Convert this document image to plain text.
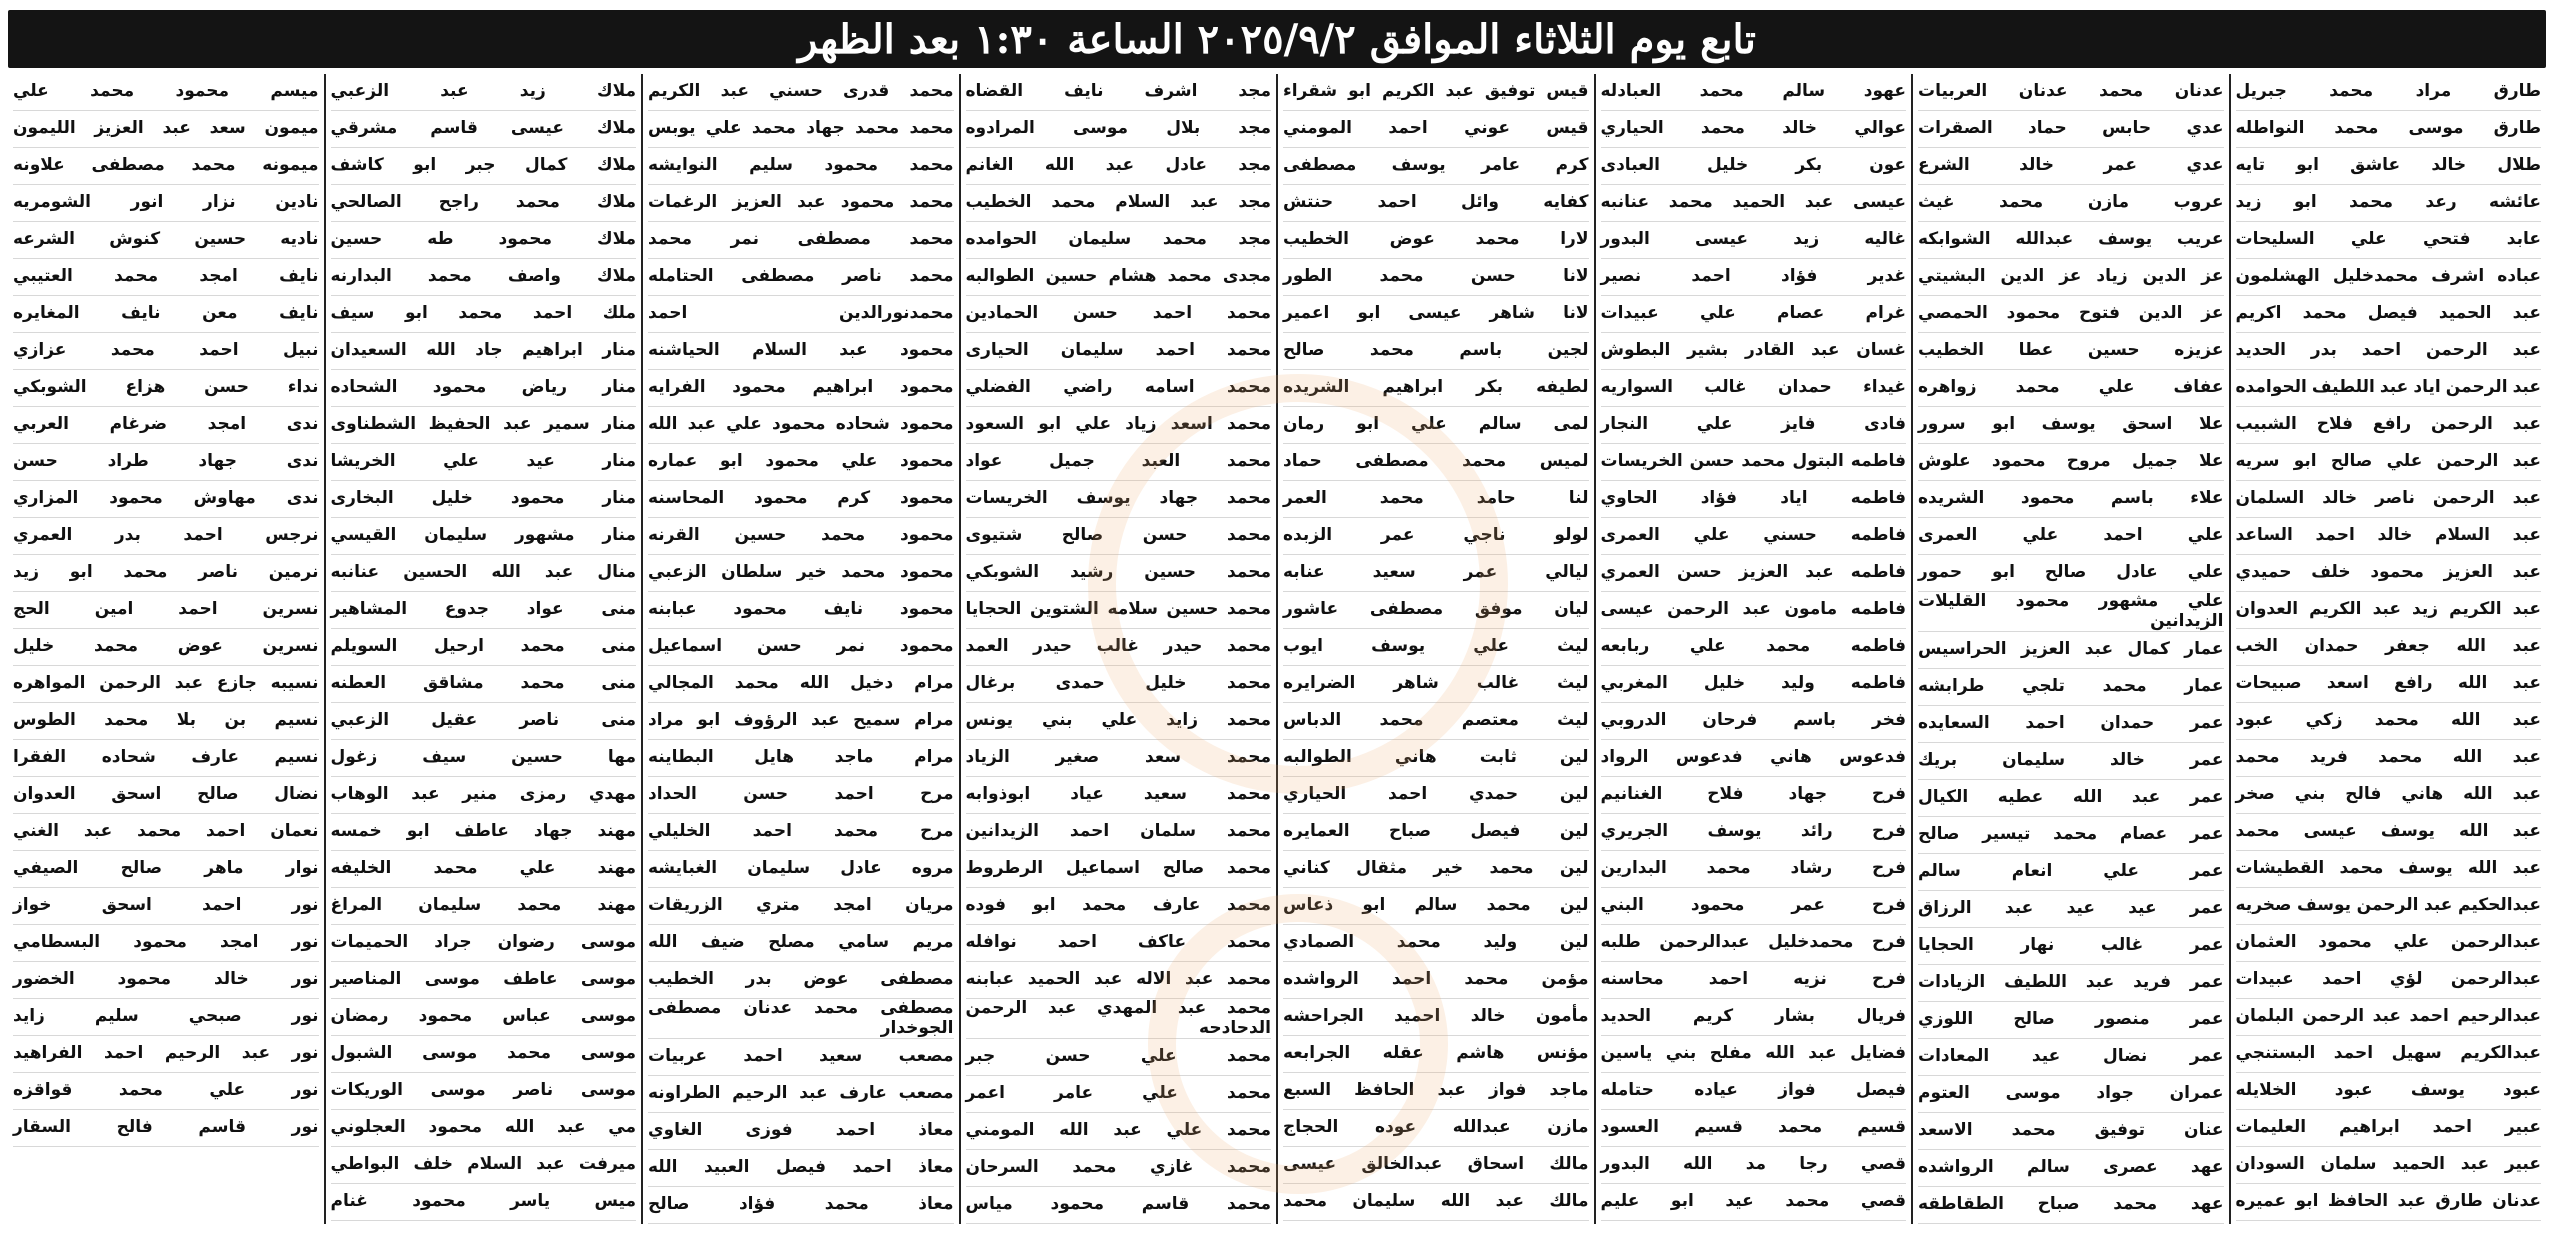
تابع يوم الثلاثاء الموافق ٢٠٢٥/٩/٢ الساعة ١:٣٠ بعد الظهر
طارق مراد محمد جبريل
طارق موسى محمد النواطله
طلال خالد عاشق ابو تايه
عائشه رعد محمد ابو زيد
عابد فتحي علي السليحات
عباده اشرف محمدخليل الهشلمون
عبد الحميد فيصل محمد اكريم
عبد الرحمن احمد بدر الحديد
عبد الرحمن اياد عبد اللطيف الحوامده
عبد الرحمن رافع فلاح الشبيب
عبد الرحمن علي صالح ابو سريه
عبد الرحمن ناصر خالد السلمان
عبد السلام خالد احمد الساعد
عبد العزيز محمود خلف حميدي
عبد الكريم زيد عبد الكريم العدوان
عبد الله جعفر حمدان الخب
عبد الله رافع اسعد صبيحات
عبد الله محمد زكي عبود
عبد الله محمد فريد محمد
عبد الله هاني فالح بني صخر
عبد الله يوسف عيسى محمد
عبد الله يوسف محمد القطيشات
عبدالحكيم عبد الرحمن يوسف صخريه
عبدالرحمن علي محمود العثمان
عبدالرحمن لؤي احمد عبيدات
عبدالرحيم احمد عبد الرحمن البلمان
عبدالكريم سهيل احمد البستنجي
عبود يوسف عبود الخلايله
عبير احمد ابراهيم العليمات
عبير عبد الحميد سلمان السودان
عدنان طارق عبد الحافظ ابو عميره
عدنان محمد عدنان العربيات
عدي حابس حماد الصقرات
عدي عمر خالد الشرع
عروب مازن محمد غيث
عريب يوسف عبدالله الشوابكه
عز الدين زياد عز الدين البشيتي
عز الدين فتوح محمود الحمصي
عزيزه حسين عطا الخطيب
عفاف علي محمد زواهره
علا اسحق يوسف ابو سرور
علا جميل مروح محمود علوش
علاء باسم محمود الشريده
علي احمد علي العمرى
علي عادل صالح ابو حمور
علي مشهور محمود القليلات الزيدانين
عمار كمال عبد العزيز الحراسيس
عمار محمد تلجي طرابشه
عمر حمدان احمد السعايده
عمر خالد سليمان بريك
عمر عبد الله عطيه الكيال
عمر عصام محمد تيسير صالح
عمر علي انعام سالم
عمر عيد عيد عبد الرزاق
عمر غالب نهار الحجايا
عمر فريد عبد اللطيف الزيادات
عمر منصور صالح اللوزي
عمر نضال عيد المعادات
عمران جواد موسى العتوم
عنان توفيق محمد الاسعد
عهد عصرى سالم الرواشده
عهد محمد صباح الطقاطقه
عهود سالم محمد العبادله
عوالي خالد محمد الحياري
عون بكر خليل العبادى
عيسى عبد الحميد محمد عنانبه
غاليه زيد عيسى البدور
غدير فؤاد احمد نصير
غرام عصام علي عبيدات
غسان عبد القادر بشير البطوش
غيداء حمدان غالب السواريه
فادى فايز علي النجار
فاطمه البتول محمد حسن الخريسات
فاطمه اياد فؤاد الحاوي
فاطمه حسني علي العمرى
فاطمه عبد العزيز حسن العمري
فاطمه مامون عبد الرحمن عيسى
فاطمه محمد علي ربابعه
فاطمه وليد خليل المغربي
فخر باسم فرحان الدروبي
فدعوس هاني فدعوس الرواد
فرح جهاد فلاح الغنانيم
فرح رائد يوسف الجريري
فرح رشاد محمد البدارين
فرح عمر محمود البني
فرح محمدخليل عبدالرحمن طلبه
فرح نزيه احمد محاسنه
فريال بشار كريم الحديد
فضايل عبد الله مفلح بني ياسين
فيصل فواز عياده حتامله
قسيم محمد قسيم العسود
قصي رجا مد الله البدور
قصي محمد عيد ابو عليم
قيس توفيق عبد الكريم ابو شقراء
قيس عوني احمد المومني
كرم عامر يوسف مصطفى
كفايه وائل احمد حنتش
لارا محمد عوض الخطيب
لانا حسن محمد الطور
لانا شاهر عيسى ابو اعمير
لجين باسم محمد صالح
لطيفه بكر ابراهيم الشريده
لمى سالم علي ابو رمان
لميس محمد مصطفى حماد
لنا حامد محمد العمر
لولو ناجي عمر الزبده
ليالي عمر سعيد عنابه
ليان موفق مصطفى عاشور
ليث علي يوسف ايوب
ليث غالب شاهر الضرايره
ليث معتصم محمد الدباس
لين ثابت هاني الطوالبه
لين حمدي احمد الحياري
لين فيصل صباح العمايره
لين محمد خير مثقال كناني
لين محمد سالم ابو ذعاس
لين وليد محمد الصمادي
مؤمن محمد احمد الرواشده
مأمون خالد احميد الجراحشه
مؤنس هاشم عقله الجرابعه
ماجد فواز عبد الحافظ السبع
مازن عبدالله عوده الحجاج
مالك اسحاق عبدالخالق عيسى
مالك عبد الله سليمان محمد
مجد اشرف نايف القضاه
مجد بلال موسى المرادوه
مجد عادل عبد الله الغانم
مجد عبد السلام محمد الخطيب
مجد محمد سليمان الحوامده
مجدى محمد هشام حسين الطوالبه
محمد احمد حسن الحمادين
محمد احمد سليمان الحيارى
محمد اسامه راضي الفضلي
محمد اسعد زياد علي ابو السعود
محمد العبد جميل عواد
محمد جهاد يوسف الخريسات
محمد حسن صالح شتيوى
محمد حسين رشيد الشوبكي
محمد حسين سلامه الشتوين الحجايا
محمد حيدر غالب حيدر العمد
محمد خليل حمدى برغال
محمد زايد علي بني يونس
محمد سعد صغير الزياد
محمد سعيد عياد ابوذوابه
محمد سلمان احمد الزيدانين
محمد صالح اسماعيل الرطروط
محمد عارف محمد ابو فوده
محمد عاكف احمد نوافله
محمد عبد الاله عبد الحميد عبابنه
محمد عبد المهدي عبد الرحمن الدحادحه
محمد علي حسن جبر
محمد علي عامر اعمر
محمد علي عبد الله المومني
محمد غازي محمد السرحان
محمد قاسم محمود مياس
محمد قدرى حسني عبد الكريم
محمد محمد جهاد محمد علي يوبس
محمد محمود سليم النوايشه
محمد محمود عبد العزيز الرغمات
محمد مصطفى نمر محمد
محمد ناصر مصطفى الحتامله
محمدنورالدين احمد
محمود عبد السلام الحياشنه
محمود ابراهيم محمود الفرايه
محمود شحاده محمود علي عبد الله
محمود علي محمود ابو عماره
محمود كرم محمود المحاسنه
محمود محمد حسين القرنه
محمود محمد خير سلطان الزعبي
محمود نايف محمود عبابنه
محمود نمر حسن اسماعيل
مرام دخيل الله محمد المجالي
مرام سميح عبد الرؤوف ابو مراد
مرام ماجد هايل البطاينه
مرح احمد حسن الحداد
مرح محمد احمد الخليلي
مروه عادل سليمان الغبايشه
مريان امجد متري الزريقات
مريم سامي مصلح ضيف الله
مصطفى عوض بدر الخطيب
مصطفى محمد عدنان مصطفى الجوخدار
مصعب سعيد احمد عربيات
مصعب عارف عبد الرحيم الطراونه
معاذ احمد فوزى الغاوي
معاذ احمد فيصل العبيد الله
معاذ محمد فؤاد صالح
ملاك زيد عبد الزعبي
ملاك عيسى قاسم مشرقي
ملاك كمال جبر ابو كاشف
ملاك محمد راجح الصالحي
ملاك محمود طه حسين
ملاك واصف محمد البدارنه
ملك احمد محمد ابو سيف
منار ابراهيم جاد الله السعيدان
منار رياض محمود الشحاده
منار سمير عبد الحفيظ الشطناوى
منار عيد علي الخريشا
منار محمود خليل البخارى
منار مشهور سليمان القيسي
منال عبد الله الحسين عنانبه
منى عواد جدوع المشاهير
منى محمد ارحيل السويلم
منى محمد مشاقق العطنه
منى ناصر عقيل الزعبي
مها حسين سيف زغول
مهدي رمزى منير عبد الوهاب
مهند جهاد عاطف ابو خمسه
مهند علي محمد الخليفه
مهند محمد سليمان المراغ
موسى رضوان جراد الحميمات
موسى عاطف موسى المناصير
موسى عباس محمود رمضان
موسى محمد موسى الشبول
موسى ناصر موسى الوريكات
مي عبد الله محمود العجلوني
ميرفت عبد السلام خلف البواطي
ميس ياسر محمود غنام
ميسم محمود محمد علي
ميمون سعد عبد العزيز الليمون
ميمونه محمد مصطفى علاونه
نادين نزار انور الشومريه
ناديه حسين كنوش الشرعه
نايف امجد محمد العتيبي
نايف معن نايف المغايره
نبيل احمد محمد عزازي
نداء حسن هزاع الشوبكي
ندى امجد ضرغام العربي
ندى جهاد طراد حسن
ندى مهاوش محمود المزاري
نرجس احمد بدر العمري
نرمين ناصر محمد ابو زيد
نسرين احمد امين الحج
نسرين عوض محمد خليل
نسيبه جازع عبد الرحمن المواهره
نسيم بن بلا محمد الطوس
نسيم عارف شحاده الفقرا
نضال صالح اسحق العدوان
نعمان احمد محمد عبد الغني
نوار ماهر صالح الصيفي
نور احمد اسحق خواز
نور امجد محمود البسطامي
نور خالد محمود الخضور
نور صبحي سليم زايد
نور عبد الرحيم احمد الفراهيد
نور علي محمد قواقزه
نور قاسم فالح السقار
